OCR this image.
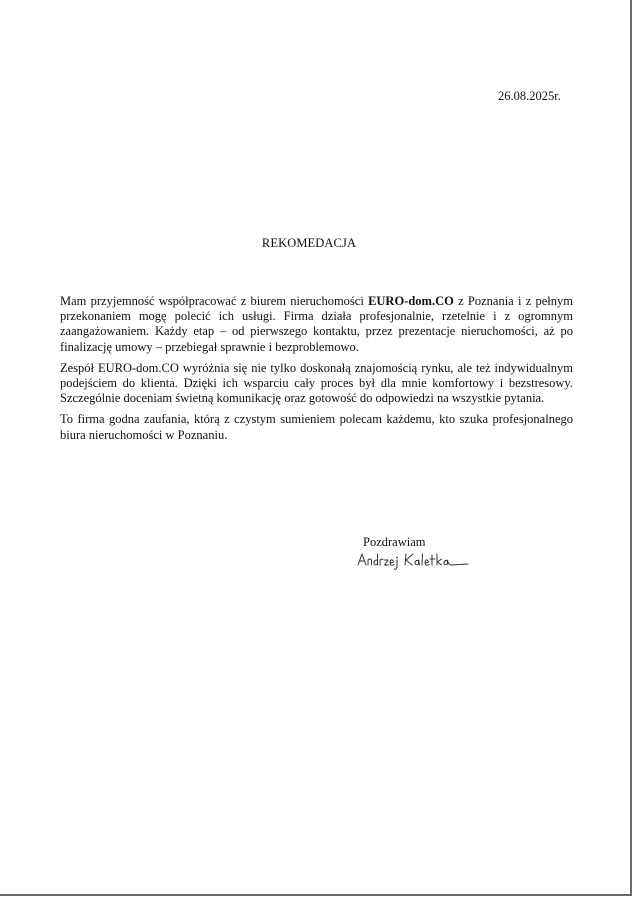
26.08.2025r.
REKOMEDACJA

Mam przyjemność współpracować z biurem nieruchomości EURO-dom.CO z Poznania i z pełnym przekonaniem mogę polecić ich usługi. Firma działa profesjonalnie, rzetelnie i z ogromnym zaangażowaniem. Każdy etap – od pierwszego kontaktu, przez prezentacje nieruchomości, aż po finalizację umowy – przebiegał sprawnie i bezproblemowo.

Zespół EURO-dom.CO wyróżnia się nie tylko doskonałą znajomością rynku, ale też indywidualnym podejściem do klienta. Dzięki ich wsparciu cały proces był dla mnie komfortowy i bezstresowy. Szczególnie doceniam świetną komunikację oraz gotowość do odpowiedzi na wszystkie pytania.

To firma godna zaufania, którą z czystym sumieniem polecam każdemu, kto szuka profesjonalnego biura nieruchomości w Poznaniu.

Pozdrawiam
